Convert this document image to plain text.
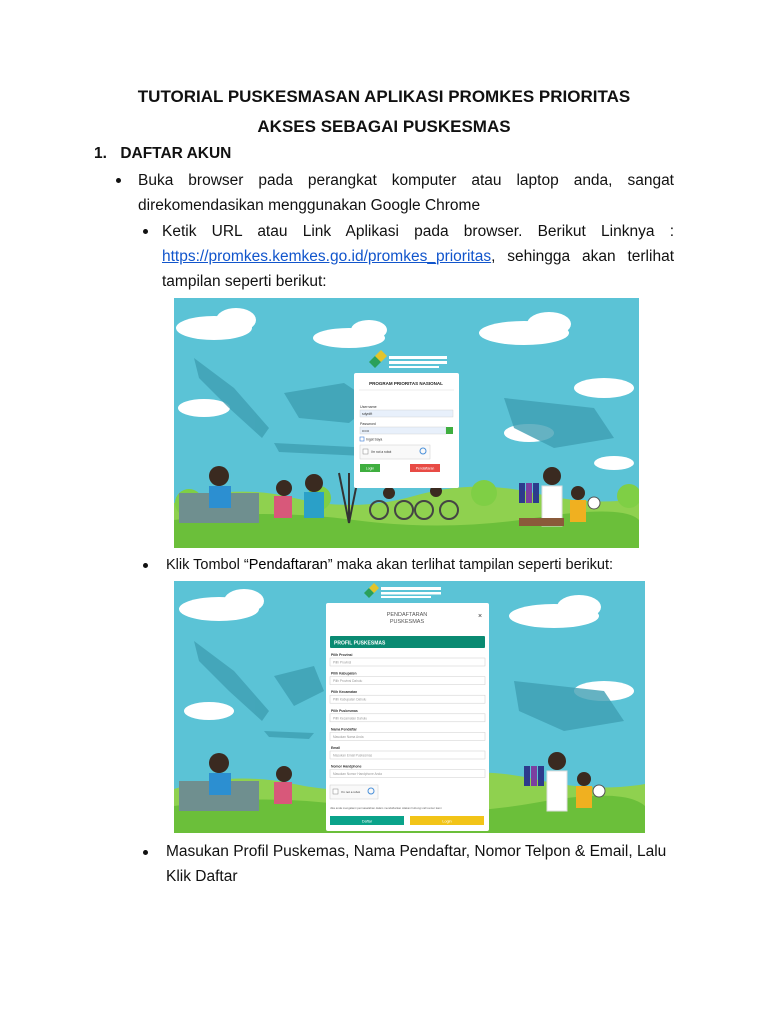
TUTORIAL PUSKESMASAN APLIKASI PROMKES PRIORITAS
AKSES SEBAGAI PUSKESMAS
1. DAFTAR AKUN
Buka browser pada perangkat komputer atau laptop anda, sangat direkomendasikan menggunakan Google Chrome
Ketik URL atau Link Aplikasi pada browser. Berikut Linknya : https://promkes.kemkes.go.id/promkes_prioritas, sehingga akan terlihat tampilan seperti berikut:
PROGRAM PRIORITAS NASIONAL
Username
sdyrdft
Password
••••••
Ingat Saya
I'm not a robot
Login	Pendaftaran
Klik Tombol “Pendaftaran” maka akan terlihat tampilan seperti berikut:
PENDAFTARAN
PUSKESMAS
×
PROFIL PUSKESMAS
Pilih Provinsi
Pilih Provinsi
Pilih Kabupaten
Pilih Provinsi Dahulu
Pilih Kecamatan
Pilih Kabupaten Dahulu
Pilih Puskesmas
Pilih Kecamatan Dahulu
Nama Pendaftar
Masukan Nama Anda
Email
Masukan Email Puskesmas
Nomor Handphone
Masukan Nomor Handphone Anda
I'm not a robot
Jika anda mengalami permasalahan dalam mendaftarkan silakan hubungi call center kami
Daftar	Login
Masukan Profil Puskemas, Nama Pendaftar, Nomor Telpon & Email, Lalu Klik Daftar
